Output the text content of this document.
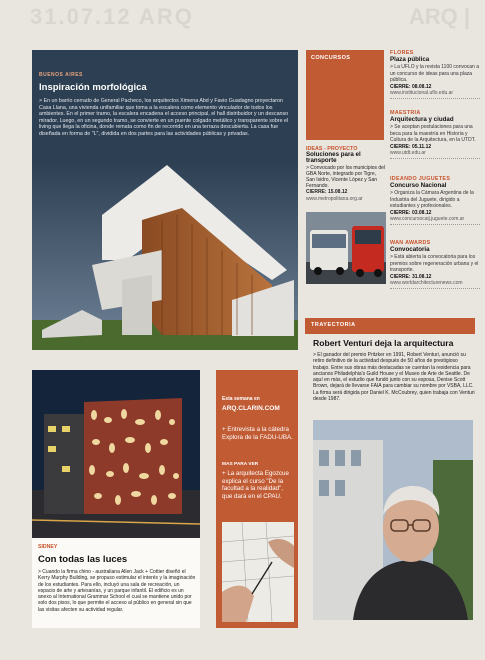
31.07.12 ARQ	ARQ |
BUENOS AIRES
Inspiración morfológica

> En un barrio cerrado de General Pacheco, los arquitectos Ximena Abd y Favio Guadagno proyectaron Casa Llana, una vivienda unifamiliar que toma a la escalera como elemento vinculador de todos los ambientes. En el primer tramo, la escalera encadena el acceso principal, el hall distribuidor y un descanso mirador. Luego, en un segundo tramo, se convierte en un puente colgado metálico y transparente sobre el living que llega la oficina, donde remata como fin de recorrido en una terraza descubierta. La casa fue diseñada en forma de "L", dividida en dos partes para las actividades públicas y privadas.

CONCURSOS
IDEAS - PROYECTO
Soluciones para el transporte
> Convocado por los municipios del GBA Norte, integrado por Tigre, San Isidro, Vicente López y San Fernando.
CIERRE: 15.08.12
www.metropolitana.org.ar
FLORES
Plaza pública
> La UFLO y la revista 1100 convocan a un concurso de ideas para una plaza pública.
CIERRE: 08.08.12
www.institucional.uflo.edu.ar
MAESTRIA
Arquitectura y ciudad
> Se aceptan postulaciones para una beca para la maestría en Historia y Cultura de la Arquitectura, en la UTDT.
CIERRE: 05.11.12
www.utdt.edu.ar
IDEANDO JUGUETES
Concurso Nacional
> Organiza la Cámara Argentina de la Industria del Juguete, dirigido a estudiantes y profesionales.
CIERRE: 03.08.12
www.concursocaij.juguete.com.ar
WAN AWARDS
Convocatoria
> Está abierta la convocatoria para los premios sobre regeneración urbana y el transporte.
CIERRE: 31.08.12
www.worldarchitecturenews.com
TRAYECTORIA
Robert Venturi deja la arquitectura
> El ganador del premio Pritzker en 1991, Robert Venturi, anunció su retiro definitivo de la actividad después de 50 años de prestigioso trabajo. Entre sus obras más destacadas se cuentan la residencia para ancianos Philadelphia's Guild House y el Museo de Arte de Seattle. De aquí en más, el estudio que fundó junto con su esposa, Denise Scott Brown, dejará de llevarse FAIA para cambiar su nombre por VSBA, LLC. La firma será dirigida por Daniel K. McCoubrey, quien trabaja con Venturi desde 1987.
SIDNEY
Con todas las luces

> Cuando la firma chino - australiana Allen Jack + Cottier diseñó el Kerry Murphy Building, se propuso estimular el interés y la imaginación de los estudiantes. Para ello, incluyó una sala de recreación, un espacio de arte y artesanías, y un parque infantil. El edificio es un anexo al International Grammar School el cual se mantiene unido por solo dos pisos, lo que permite el acceso al público en general sin que las visitas afecten su actividad regular.

Esta semana en
ARQ.CLARIN.COM
+ Entrevista a la cátedra Explora de la FADU-UBA.
MAS PARA VER
+ La arquitecta Egozcue explica el curso "De la facultad a la realidad", que dará en el CPAU.
